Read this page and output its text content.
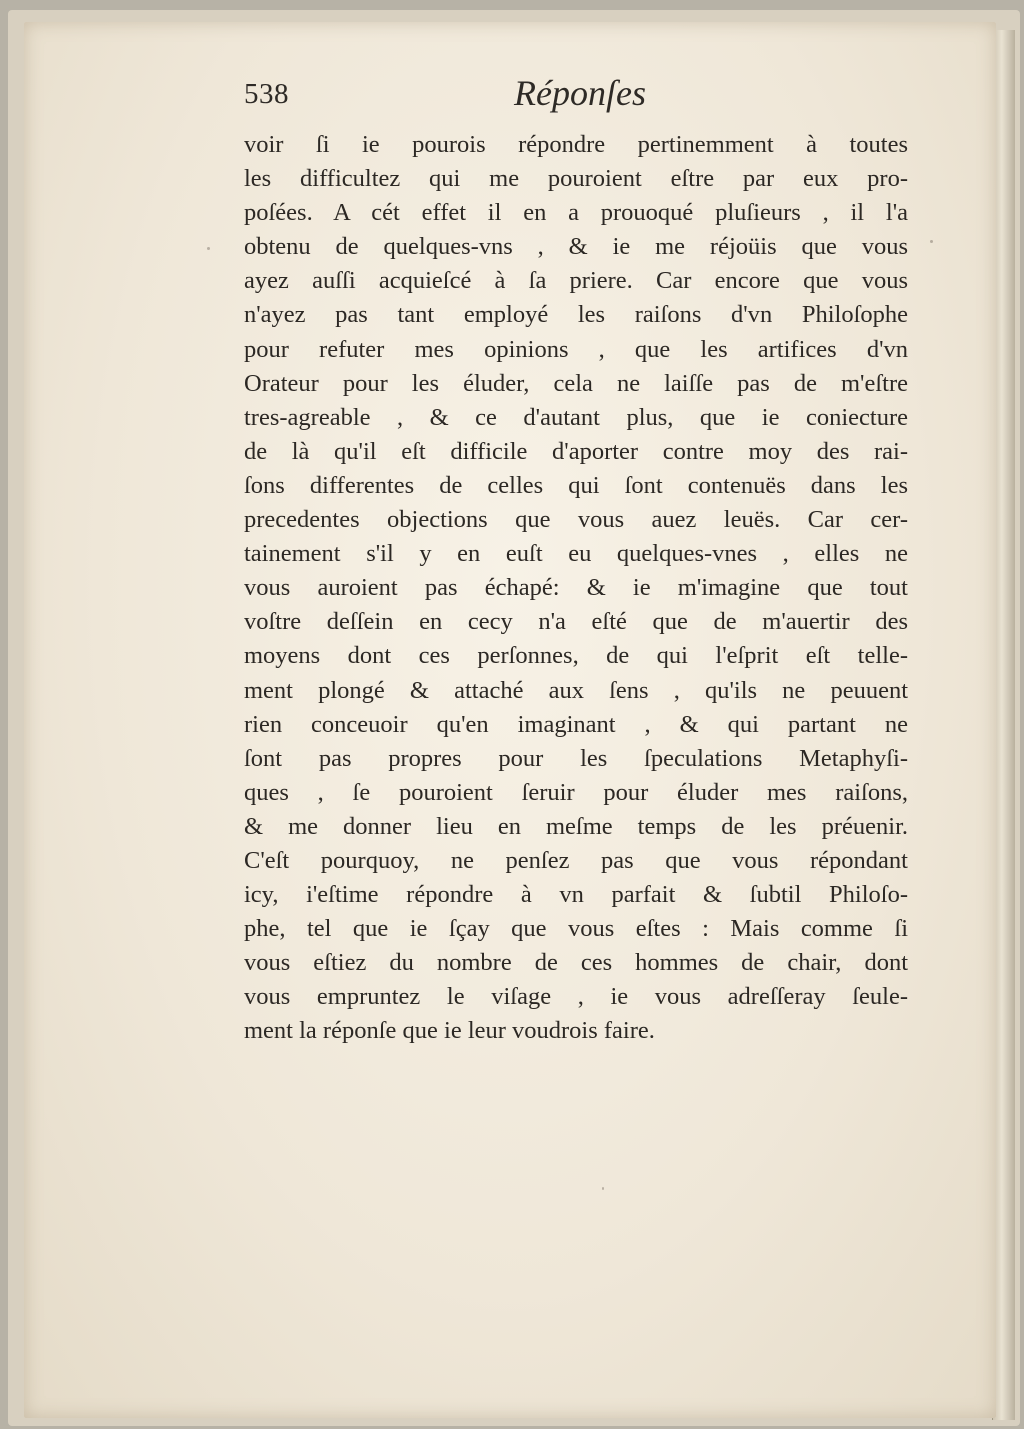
538	Réponſes
voir ſi ie pourois répondre pertinemment à toutes
les difficultez qui me pouroient eſtre par eux pro-
poſées. A cét effet il en a prouoqué pluſieurs , il l'a
obtenu de quelques-vns , & ie me réjoüis que vous
ayez auſſi acquieſcé à ſa priere. Car encore que vous
n'ayez pas tant employé les raiſons d'vn Philoſophe
pour refuter mes opinions , que les artifices d'vn
Orateur pour les éluder, cela ne laiſſe pas de m'eſtre
tres-agreable , & ce d'autant plus, que ie coniecture
de là qu'il eſt difficile d'aporter contre moy des rai-
ſons differentes de celles qui ſont contenuës dans les
precedentes objections que vous auez leuës. Car cer-
tainement s'il y en euſt eu quelques-vnes , elles ne
vous auroient pas échapé: & ie m'imagine que tout
voſtre deſſein en cecy n'a eſté que de m'auertir des
moyens dont ces perſonnes, de qui l'eſprit eſt telle-
ment plongé & attaché aux ſens , qu'ils ne peuuent
rien conceuoir qu'en imaginant , & qui partant ne
ſont pas propres pour les ſpeculations Metaphyſi-
ques , ſe pouroient ſeruir pour éluder mes raiſons,
& me donner lieu en meſme temps de les préuenir.
C'eſt pourquoy, ne penſez pas que vous répondant
icy, i'eſtime répondre à vn parfait & ſubtil Philoſo-
phe, tel que ie ſçay que vous eſtes : Mais comme ſi
vous eſtiez du nombre de ces hommes de chair, dont
vous empruntez le viſage , ie vous adreſſeray ſeule-
ment la réponſe que ie leur voudrois faire.
